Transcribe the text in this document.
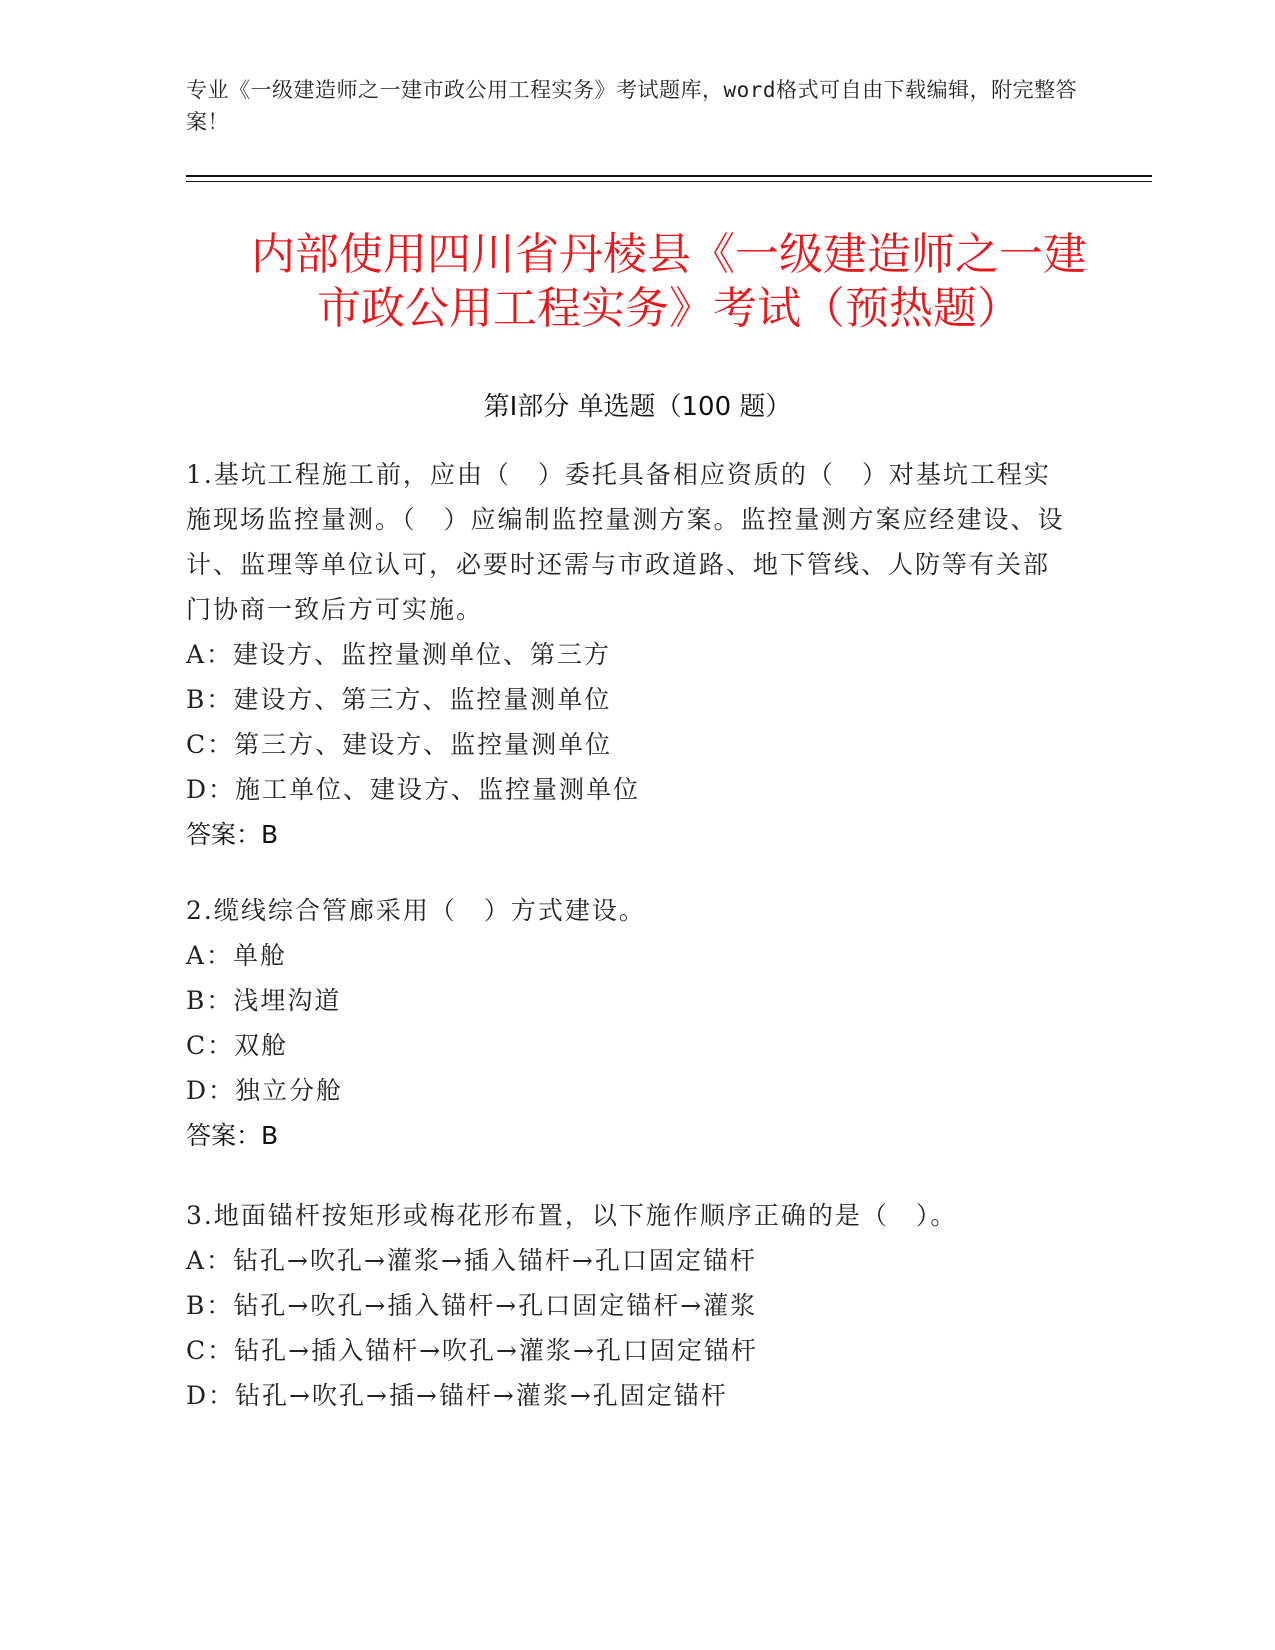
专业《一级建造师之一建市政公用工程实务》考试题库，word格式可自由下载编辑，附完整答案！
内部使用四川省丹棱县《一级建造师之一建
市政公用工程实务》考试（预热题）
第Ⅰ部分 单选题（100 题）
1.基坑工程施工前，应由（　）委托具备相应资质的（　）对基坑工程实施现场监控量测。（　）应编制监控量测方案。监控量测方案应经建设、设计、监理等单位认可，必要时还需与市政道路、地下管线、人防等有关部门协商一致后方可实施。
A：建设方、监控量测单位、第三方
B：建设方、第三方、监控量测单位
C：第三方、建设方、监控量测单位
D：施工单位、建设方、监控量测单位
答案：B
2.缆线综合管廊采用（　）方式建设。
A：单舱
B：浅埋沟道
C：双舱
D：独立分舱
答案：B
3.地面锚杆按矩形或梅花形布置，以下施作顺序正确的是（　）。
A：钻孔→吹孔→灌浆→插入锚杆→孔口固定锚杆
B：钻孔→吹孔→插入锚杆→孔口固定锚杆→灌浆
C：钻孔→插入锚杆→吹孔→灌浆→孔口固定锚杆
D：钻孔→吹孔→插→锚杆→灌浆→孔固定锚杆
